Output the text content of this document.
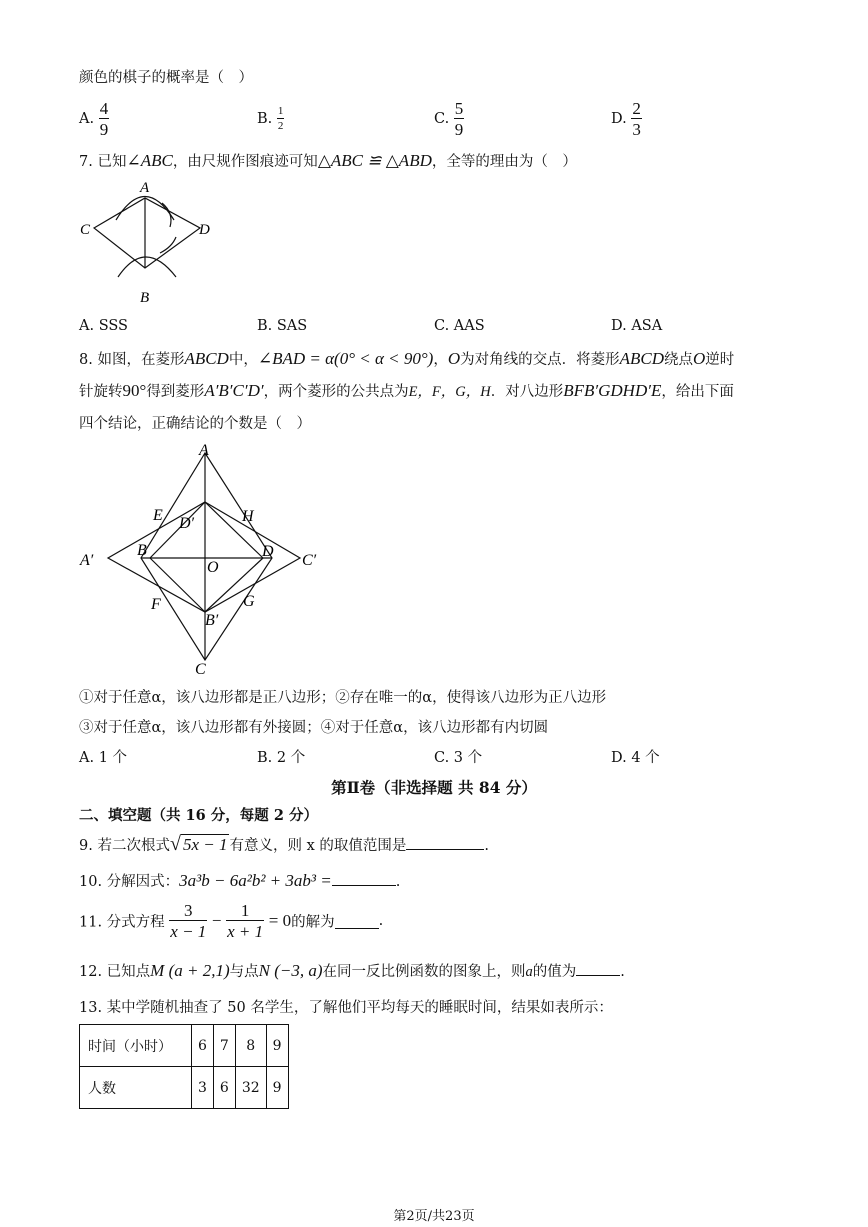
颜色的棋子的概率是（　）
A. $\frac{4}{9}$	B. $\frac{1}{2}$	C. $\frac{5}{9}$	D. $\frac{2}{3}$
7. 已知∠ABC，由尺规作图痕迹可知△ABC ≌ △ABD，全等的理由为（　）
A
C	D
B
A. SSS	B. SAS	C. AAS	D. ASA
8. 如图，在菱形ABCD中，∠BAD = α(0° < α < 90°)，O为对角线的交点．将菱形ABCD绕点O逆时
针旋转90°得到菱形A′B′C′D′，两个菱形的公共点为E，F，G，H．对八边形BFB′GDHD′E，给出下面
四个结论，正确结论的个数是（　）
A
A′
B	D
C′
E D′	H
O
F	G
B′
C
①对于任意α，该八边形都是正八边形；②存在唯一的α，使得该八边形为正八边形
③对于任意α，该八边形都有外接圆；④对于任意α，该八边形都有内切圆
A. 1 个	B. 2 个	C. 3 个	D. 4 个
第Ⅱ卷（非选择题 共 84 分）
二、填空题（共 16 分，每题 2 分）
9. 若二次根式√ 5x − 1 有意义，则 x 的取值范围是	.
10. 分解因式：3a³b − 6a²b² + 3ab³ =	.
11. 分式方程 $\frac{3}{x - 1} - \frac{1}{x + 1} = 0$的解为	.
12. 已知点M (a + 2,1)与点N (−3, a)在同一反比例函数的图象上，则a的值为	.
13. 某中学随机抽查了 50 名学生，了解他们平均每天的睡眠时间，结果如表所示：
时间（小时）	6	7	8	9
人数	3	6	32	9
第2页/共23页
